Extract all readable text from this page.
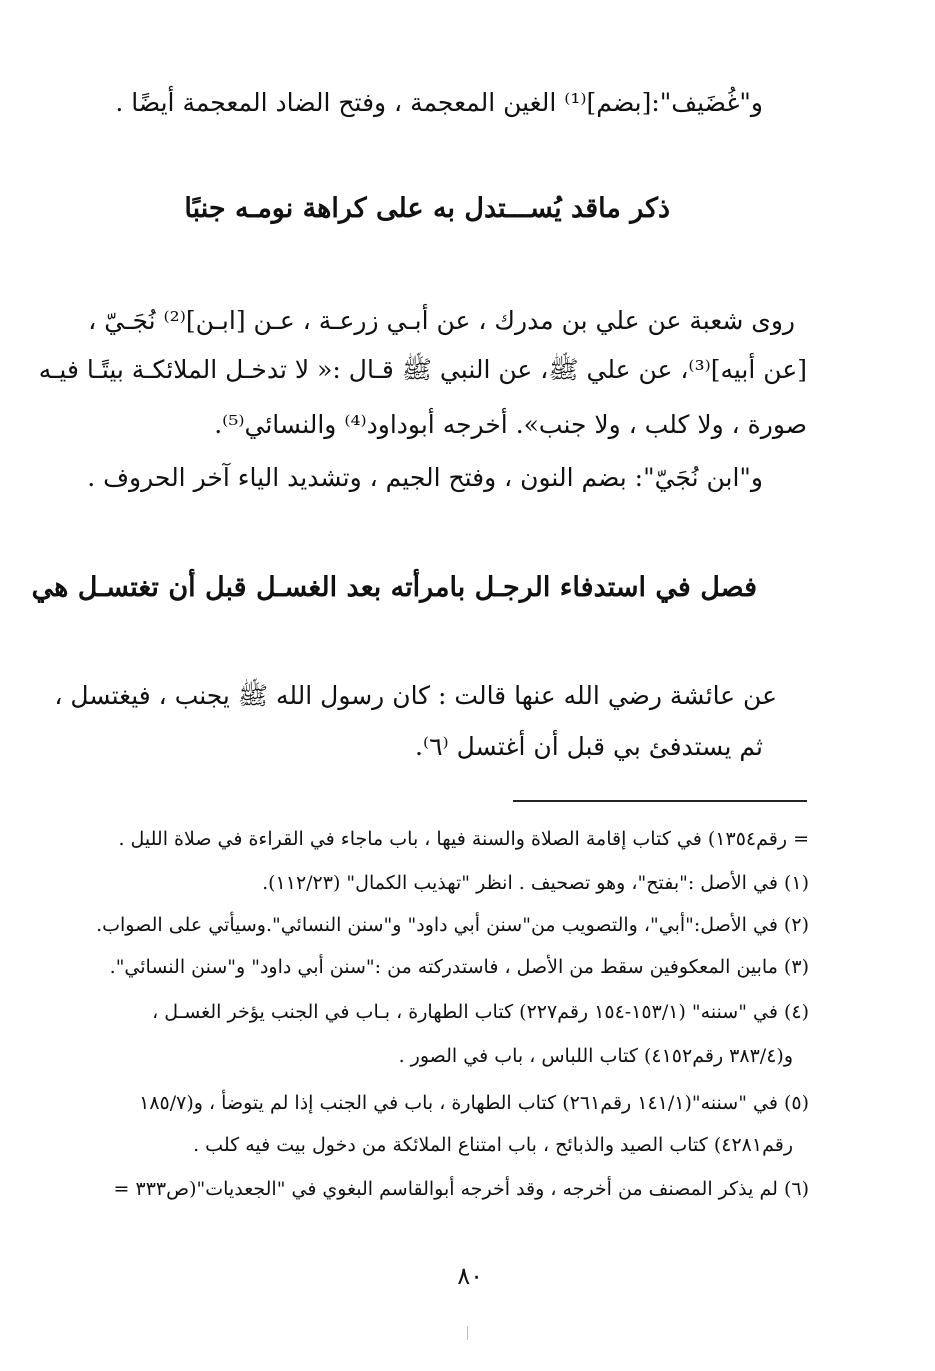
و"غُضَيف":[بضم]⁽¹⁾ الغين المعجمة ، وفتح الضاد المعجمة أيضًا .
ذكر ماقد يُســـتدل به على كراهة نومـه جنبًا
روى شعبة عن علي بن مدرك ، عن أبـي زرعـة ، عـن [ابـن]⁽²⁾ نُجَـيّ ،
[عن أبيه]⁽³⁾، عن علي ﷺ، عن النبي ﷺ قـال :« لا تدخـل الملائكـة بيتًـا فيـه
صورة ، ولا كلب ، ولا جنب». أخرجه أبوداود⁽⁴⁾ والنسائي⁽⁵⁾.
و"ابن نُجَيّ": بضم النون ، وفتح الجيم ، وتشديد الياء آخر الحروف .
فصل في استدفاء الرجـل بامرأته بعد الغسـل قبل أن تغتسـل هي
عن عائشة رضي الله عنها قالت : كان رسول الله ﷺ يجنب ، فيغتسل ،
ثم يستدفئ بي قبل أن أغتسل ⁽٦⁾.
= رقم١٣٥٤) في كتاب إقامة الصلاة والسنة فيها ، باب ماجاء في القراءة في صلاة الليل .
(١) في الأصل :"بفتح"، وهو تصحيف . انظر "تهذيب الكمال" (١١٢/٢٣).
(٢) في الأصل:"أبي"، والتصويب من"سنن أبي داود" و"سنن النسائي".وسيأتي على الصواب.
(٣) مابين المعكوفين سقط من الأصل ، فاستدركته من :"سنن أبي داود" و"سنن النسائي".
(٤) في "سننه" (١٥٣/١-١٥٤ رقم٢٢٧) كتاب الطهارة ، بـاب في الجنب يؤخر الغسـل ،
و(٣٨٣/٤ رقم٤١٥٢) كتاب اللباس ، باب في الصور .
(٥) في "سننه"(١٤١/١ رقم٢٦١) كتاب الطهارة ، باب في الجنب إذا لم يتوضأ ، و(١٨٥/٧
رقم٤٢٨١) كتاب الصيد والذبائح ، باب امتناع الملائكة من دخول بيت فيه كلب .
(٦) لم يذكر المصنف من أخرجه ، وقد أخرجه أبوالقاسم البغوي في "الجعديات"(ص٣٣٣ =
٨٠
